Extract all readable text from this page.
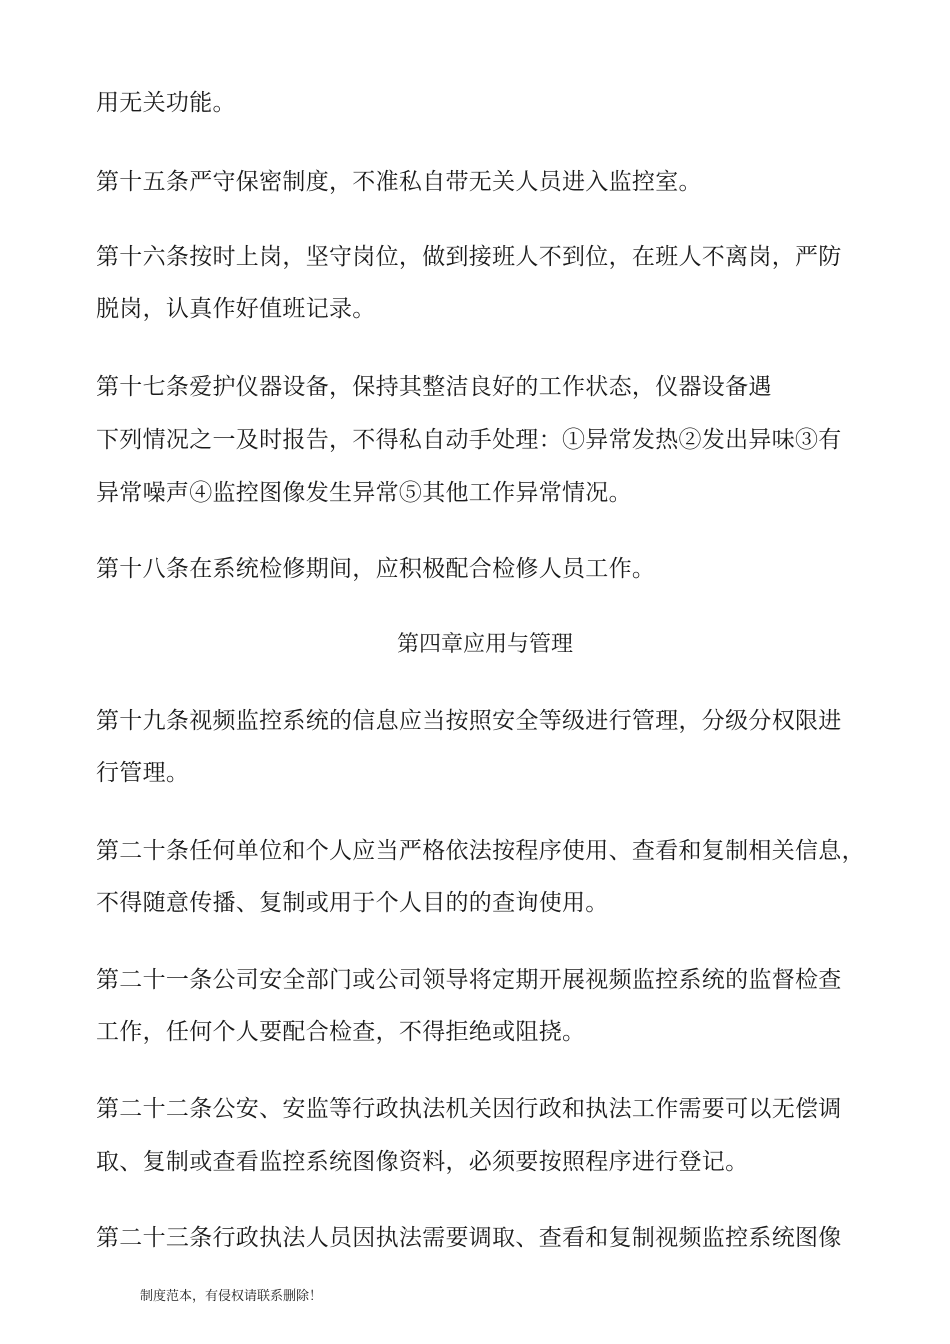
用无关功能。
第十五条严守保密制度，不准私自带无关人员进入监控室。
第十六条按时上岗，坚守岗位，做到接班人不到位，在班人不离岗，严防
脱岗，认真作好值班记录。
第十七条爱护仪器设备，保持其整洁良好的工作状态，仪器设备遇
下列情况之一及时报告，不得私自动手处理：①异常发热②发出异味③有
异常噪声④监控图像发生异常⑤其他工作异常情况。
第十八条在系统检修期间，应积极配合检修人员工作。
第四章应用与管理
第十九条视频监控系统的信息应当按照安全等级进行管理，分级分权限进
行管理。
第二十条任何单位和个人应当严格依法按程序使用、查看和复制相关信息，
不得随意传播、复制或用于个人目的的查询使用。
第二十一条公司安全部门或公司领导将定期开展视频监控系统的监督检查
工作，任何个人要配合检查，不得拒绝或阻挠。
第二十二条公安、安监等行政执法机关因行政和执法工作需要可以无偿调
取、复制或查看监控系统图像资料，必须要按照程序进行登记。
第二十三条行政执法人员因执法需要调取、查看和复制视频监控系统图像
制度范本，有侵权请联系删除！
